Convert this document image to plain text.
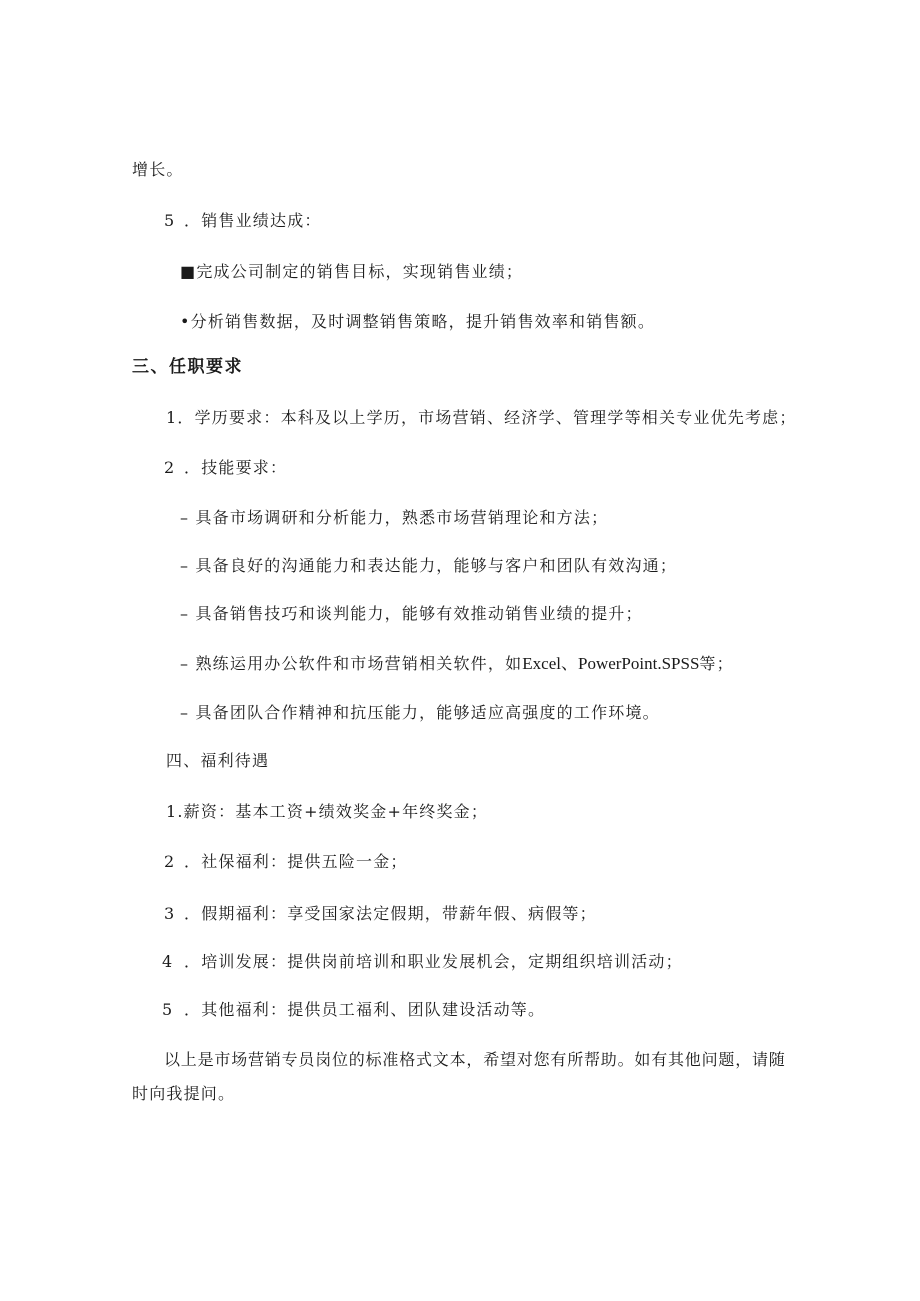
增长。
5 ．销售业绩达成：
■完成公司制定的销售目标，实现销售业绩；
•分析销售数据，及时调整销售策略，提升销售效率和销售额。
三、任职要求
1．学历要求：本科及以上学历，市场营销、经济学、管理学等相关专业优先考虑；
2 ．技能要求：
– 具备市场调研和分析能力，熟悉市场营销理论和方法；
– 具备良好的沟通能力和表达能力，能够与客户和团队有效沟通；
– 具备销售技巧和谈判能力，能够有效推动销售业绩的提升；
– 熟练运用办公软件和市场营销相关软件，如Excel、PowerPoint.SPSS等；
– 具备团队合作精神和抗压能力，能够适应高强度的工作环境。
四、福利待遇
1.薪资：基本工资+绩效奖金+年终奖金；
2 ．社保福利：提供五险一金；
3 ．假期福利：享受国家法定假期，带薪年假、病假等；
4 ．培训发展：提供岗前培训和职业发展机会，定期组织培训活动；
5 ．其他福利：提供员工福利、团队建设活动等。
以上是市场营销专员岗位的标准格式文本，希望对您有所帮助。如有其他问题，请随
时向我提问。
